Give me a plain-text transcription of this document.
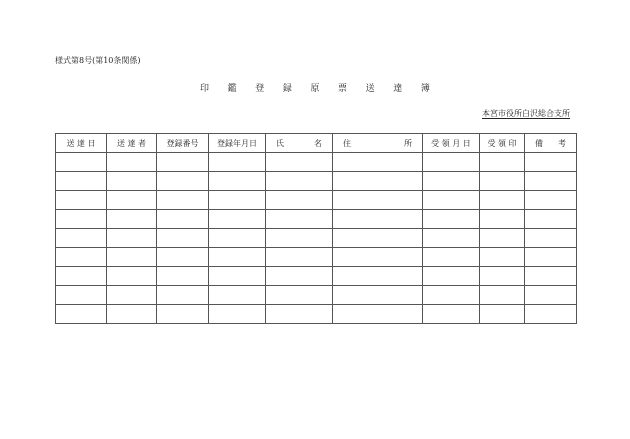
様式第8号(第10条関係)
印 鑑 登 録 原 票 送 達 簿
本宮市役所白沢総合支所
送 達 日	送 達 者	登録番号	登録年月日	氏 名	住 所	受 領 月 日	受 領 印	備 考
